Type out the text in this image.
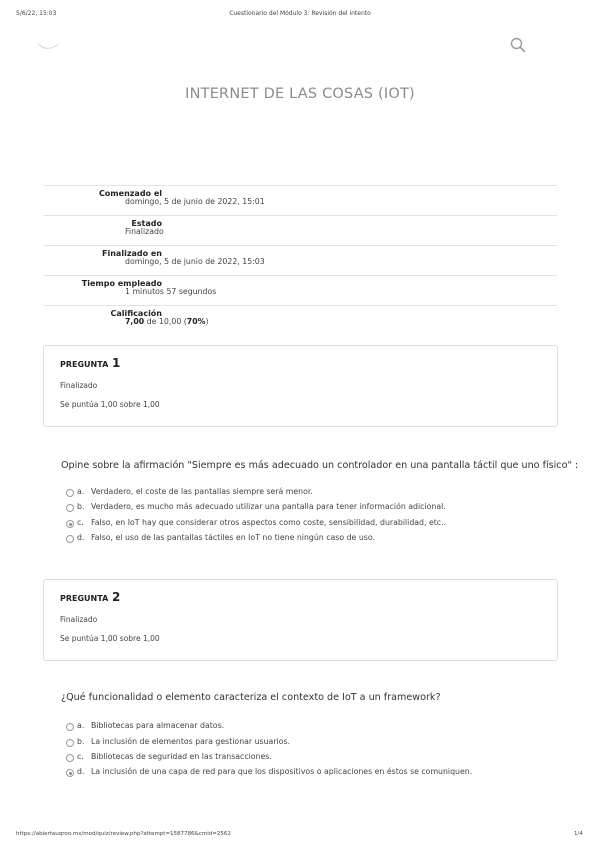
5/6/22, 15:03	Cuestionario del Módulo 3: Revisión del intento
INTERNET DE LAS COSAS (IOT)
Comenzado el
domingo, 5 de junio de 2022, 15:01
Estado
Finalizado
Finalizado en
domingo, 5 de junio de 2022, 15:03
Tiempo empleado
1 minutos 57 segundos
Calificación
7,00 de 10,00 (70%)
PREGUNTA 1
Finalizado
Se puntúa 1,00 sobre 1,00
Opine sobre la afirmación "Siempre es más adecuado un controlador en una pantalla táctil que uno físico" :
a. Verdadero, el coste de las pantallas siempre será menor.
b. Verdadero, es mucho más adecuado utilizar una pantalla para tener información adicional.
c. Falso, en IoT hay que considerar otros aspectos como coste, sensibilidad, durabilidad, etc..
d. Falso, el uso de las pantallas táctiles en IoT no tiene ningún caso de uso.
PREGUNTA 2
Finalizado
Se puntúa 1,00 sobre 1,00
¿Qué funcionalidad o elemento caracteriza el contexto de IoT a un framework?
a. Bibliotecas para almacenar datos.
b. La inclusión de elementos para gestionar usuarios.
c. Bibliotecas de seguridad en las transacciones.
d. La inclusión de una capa de red para que los dispositivos o aplicaciones en éstos se comuniquen.
https://abiertauqroo.mx/mod/quiz/review.php?attempt=1587786&cmid=2562	1/4
